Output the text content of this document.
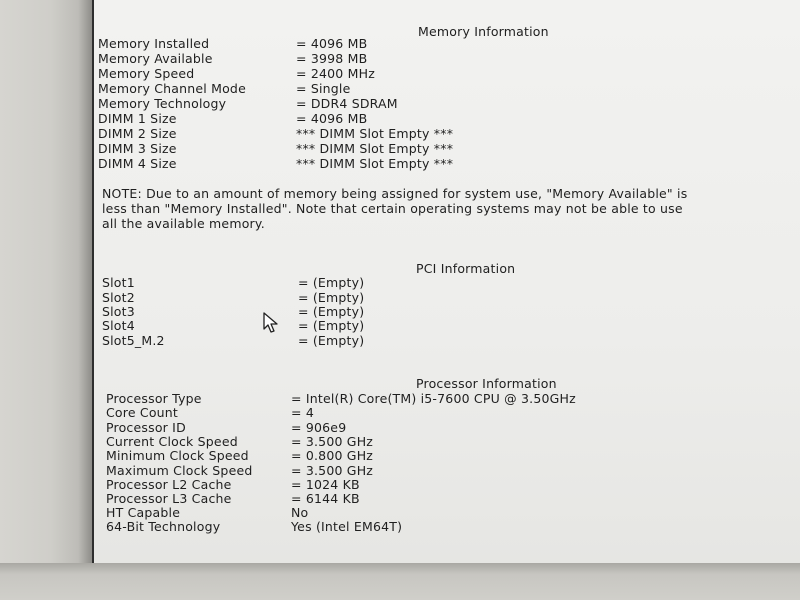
Memory Information
Memory Installed	= 4096 MB
Memory Available	= 3998 MB
Memory Speed	= 2400 MHz
Memory Channel Mode	= Single
Memory Technology	= DDR4 SDRAM
DIMM 1 Size	= 4096 MB
DIMM 2 Size	*** DIMM Slot Empty ***
DIMM 3 Size	*** DIMM Slot Empty ***
DIMM 4 Size	*** DIMM Slot Empty ***
NOTE: Due to an amount of memory being assigned for system use, "Memory Available" is less than "Memory Installed". Note that certain operating systems may not be able to use all the available memory.
PCI Information
Slot1	= (Empty)
Slot2	= (Empty)
Slot3	= (Empty)
Slot4	= (Empty)
Slot5_M.2	= (Empty)
Processor Information
Processor Type	= Intel(R) Core(TM) i5-7600 CPU @ 3.50GHz
Core Count	= 4
Processor ID	= 906e9
Current Clock Speed	= 3.500 GHz
Minimum Clock Speed	= 0.800 GHz
Maximum Clock Speed	= 3.500 GHz
Processor L2 Cache	= 1024 KB
Processor L3 Cache	= 6144 KB
HT Capable	No
64-Bit Technology	Yes (Intel EM64T)
